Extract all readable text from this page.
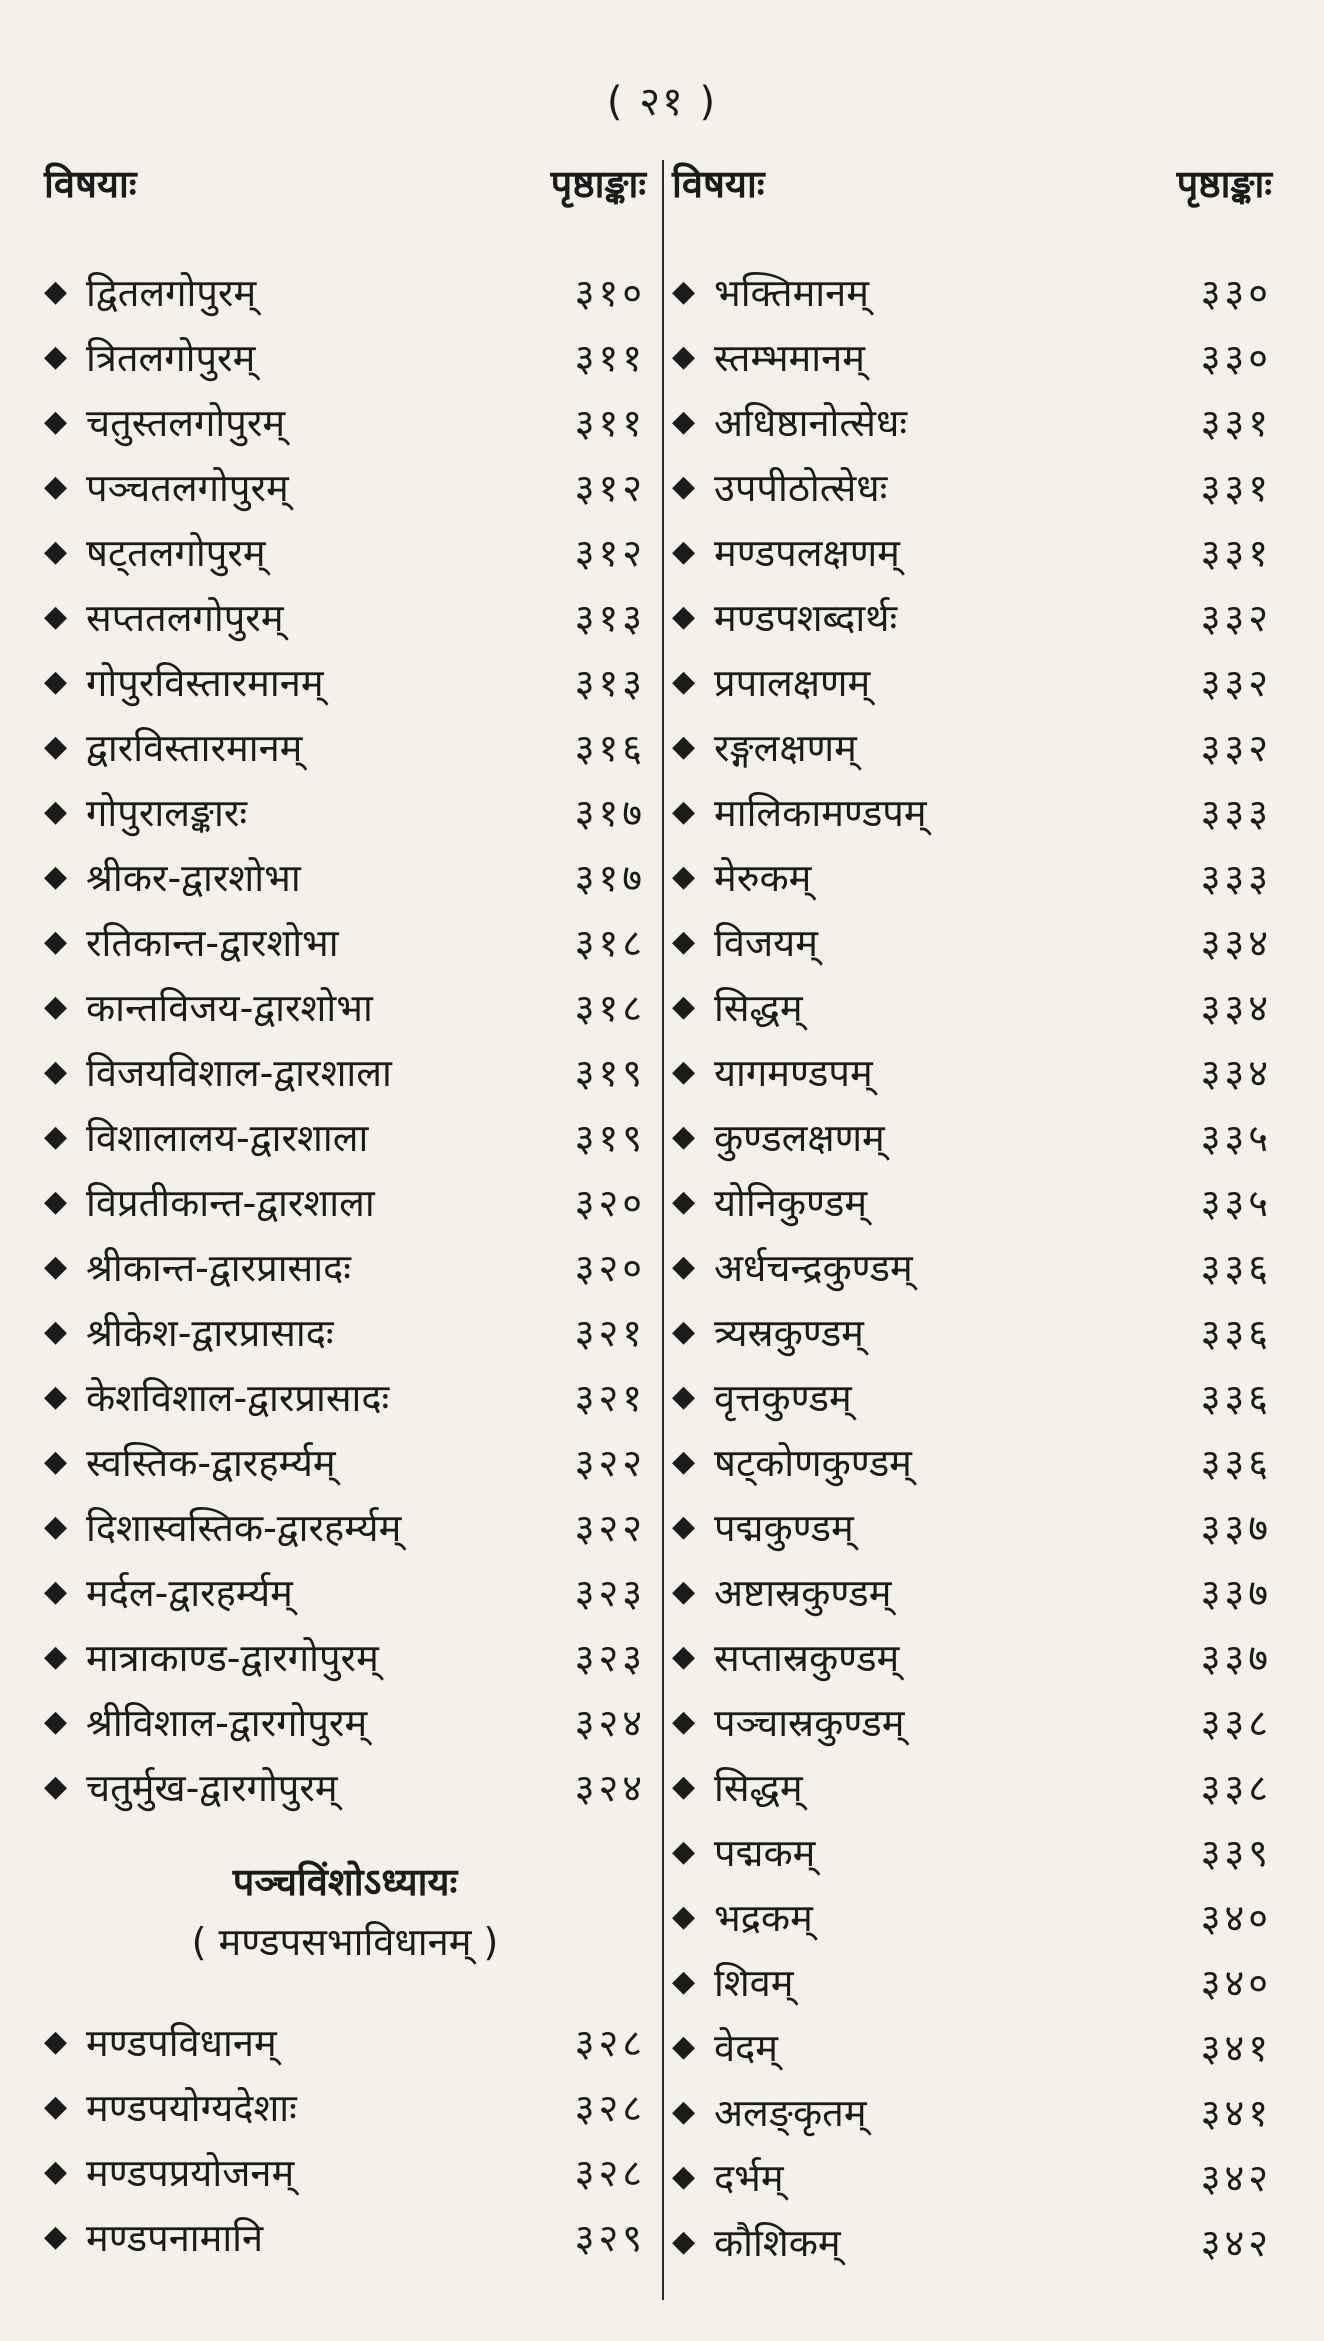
( २१ )
विषयाः	पृष्ठाङ्काः
◆ द्वितलगोपुरम्	३१०
◆ त्रितलगोपुरम्	३११
◆ चतुस्तलगोपुरम्	३११
◆ पञ्चतलगोपुरम्	३१२
◆ षट्तलगोपुरम्	३१२
◆ सप्ततलगोपुरम्	३१३
◆ गोपुरविस्तारमानम्	३१३
◆ द्वारविस्तारमानम्	३१६
◆ गोपुरालङ्कारः	३१७
◆ श्रीकर-द्वारशोभा	३१७
◆ रतिकान्त-द्वारशोभा	३१८
◆ कान्तविजय-द्वारशोभा	३१८
◆ विजयविशाल-द्वारशाला	३१९
◆ विशालालय-द्वारशाला	३१९
◆ विप्रतीकान्त-द्वारशाला	३२०
◆ श्रीकान्त-द्वारप्रासादः	३२०
◆ श्रीकेश-द्वारप्रासादः	३२१
◆ केशविशाल-द्वारप्रासादः	३२१
◆ स्वस्तिक-द्वारहर्म्यम्	३२२
◆ दिशास्वस्तिक-द्वारहर्म्यम्	३२२
◆ मर्दल-द्वारहर्म्यम्	३२३
◆ मात्राकाण्ड-द्वारगोपुरम्	३२३
◆ श्रीविशाल-द्वारगोपुरम्	३२४
◆ चतुर्मुख-द्वारगोपुरम्	३२४
पञ्चविंशोऽध्यायः
( मण्डपसभाविधानम् )
◆ मण्डपविधानम्	३२८
◆ मण्डपयोग्यदेशाः	३२८
◆ मण्डपप्रयोजनम्	३२८
◆ मण्डपनामानि	३२९
विषयाः	पृष्ठाङ्काः
◆ भक्तिमानम्	३३०
◆ स्तम्भमानम्	३३०
◆ अधिष्ठानोत्सेधः	३३१
◆ उपपीठोत्सेधः	३३१
◆ मण्डपलक्षणम्	३३१
◆ मण्डपशब्दार्थः	३३२
◆ प्रपालक्षणम्	३३२
◆ रङ्गलक्षणम्	३३२
◆ मालिकामण्डपम्	३३३
◆ मेरुकम्	३३३
◆ विजयम्	३३४
◆ सिद्धम्	३३४
◆ यागमण्डपम्	३३४
◆ कुण्डलक्षणम्	३३५
◆ योनिकुण्डम्	३३५
◆ अर्धचन्द्रकुण्डम्	३३६
◆ त्र्यस्रकुण्डम्	३३६
◆ वृत्तकुण्डम्	३३६
◆ षट्कोणकुण्डम्	३३६
◆ पद्मकुण्डम्	३३७
◆ अष्टास्रकुण्डम्	३३७
◆ सप्तास्रकुण्डम्	३३७
◆ पञ्चास्रकुण्डम्	३३८
◆ सिद्धम्	३३८
◆ पद्मकम्	३३९
◆ भद्रकम्	३४०
◆ शिवम्	३४०
◆ वेदम्	३४१
◆ अलङ्कृतम्	३४१
◆ दर्भम्	३४२
◆ कौशिकम्	३४२
